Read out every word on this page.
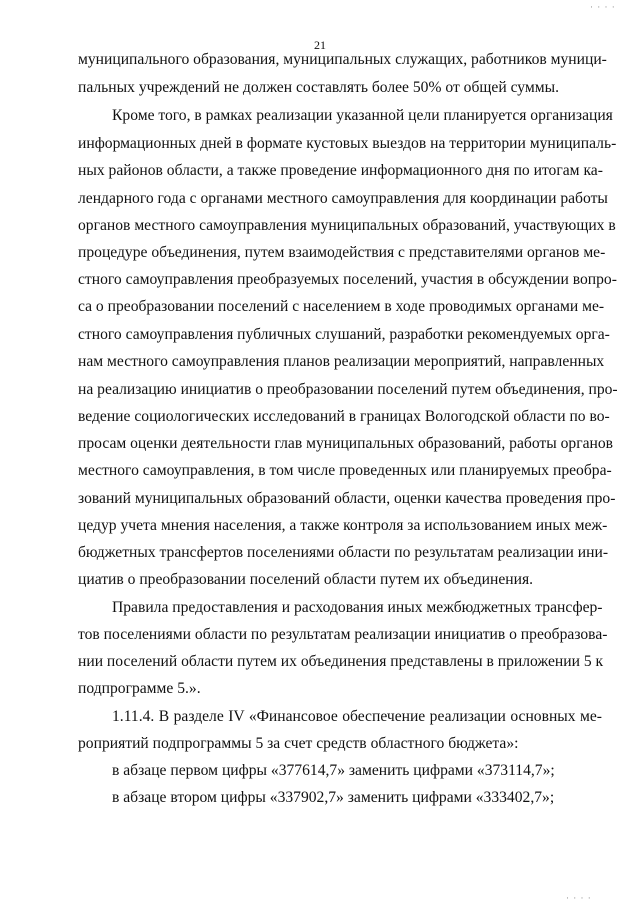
21
· · · ·
· · · ·
муниципального образования, муниципальных служащих, работников муници-
пальных учреждений не должен составлять более 50% от общей суммы.
Кроме того, в рамках реализации указанной цели планируется организация
информационных дней в формате кустовых выездов на территории муниципаль-
ных районов области, а также проведение информационного дня по итогам ка-
лендарного года с органами местного самоуправления для координации работы
органов местного самоуправления муниципальных образований, участвующих в
процедуре объединения, путем взаимодействия с представителями органов ме-
стного самоуправления преобразуемых поселений, участия в обсуждении вопро-
са о преобразовании поселений с населением в ходе проводимых органами ме-
стного самоуправления публичных слушаний, разработки рекомендуемых орга-
нам местного самоуправления планов реализации мероприятий, направленных
на реализацию инициатив о преобразовании поселений путем объединения, про-
ведение социологических исследований в границах Вологодской области по во-
просам оценки деятельности глав муниципальных образований, работы органов
местного самоуправления, в том числе проведенных или планируемых преобра-
зований муниципальных образований области, оценки качества проведения про-
цедур учета мнения населения, а также контроля за использованием иных меж-
бюджетных трансфертов поселениями области по результатам реализации ини-
циатив о преобразовании поселений области путем их объединения.
Правила предоставления и расходования иных межбюджетных трансфер-
тов поселениями области по результатам реализации инициатив о преобразова-
нии поселений области путем их объединения представлены в приложении 5 к
подпрограмме 5.».
1.11.4. В разделе IV «Финансовое обеспечение реализации основных ме-
роприятий подпрограммы 5 за счет средств областного бюджета»:
в абзаце первом цифры «377614,7» заменить цифрами «373114,7»;
в абзаце втором цифры «337902,7» заменить цифрами «333402,7»;
